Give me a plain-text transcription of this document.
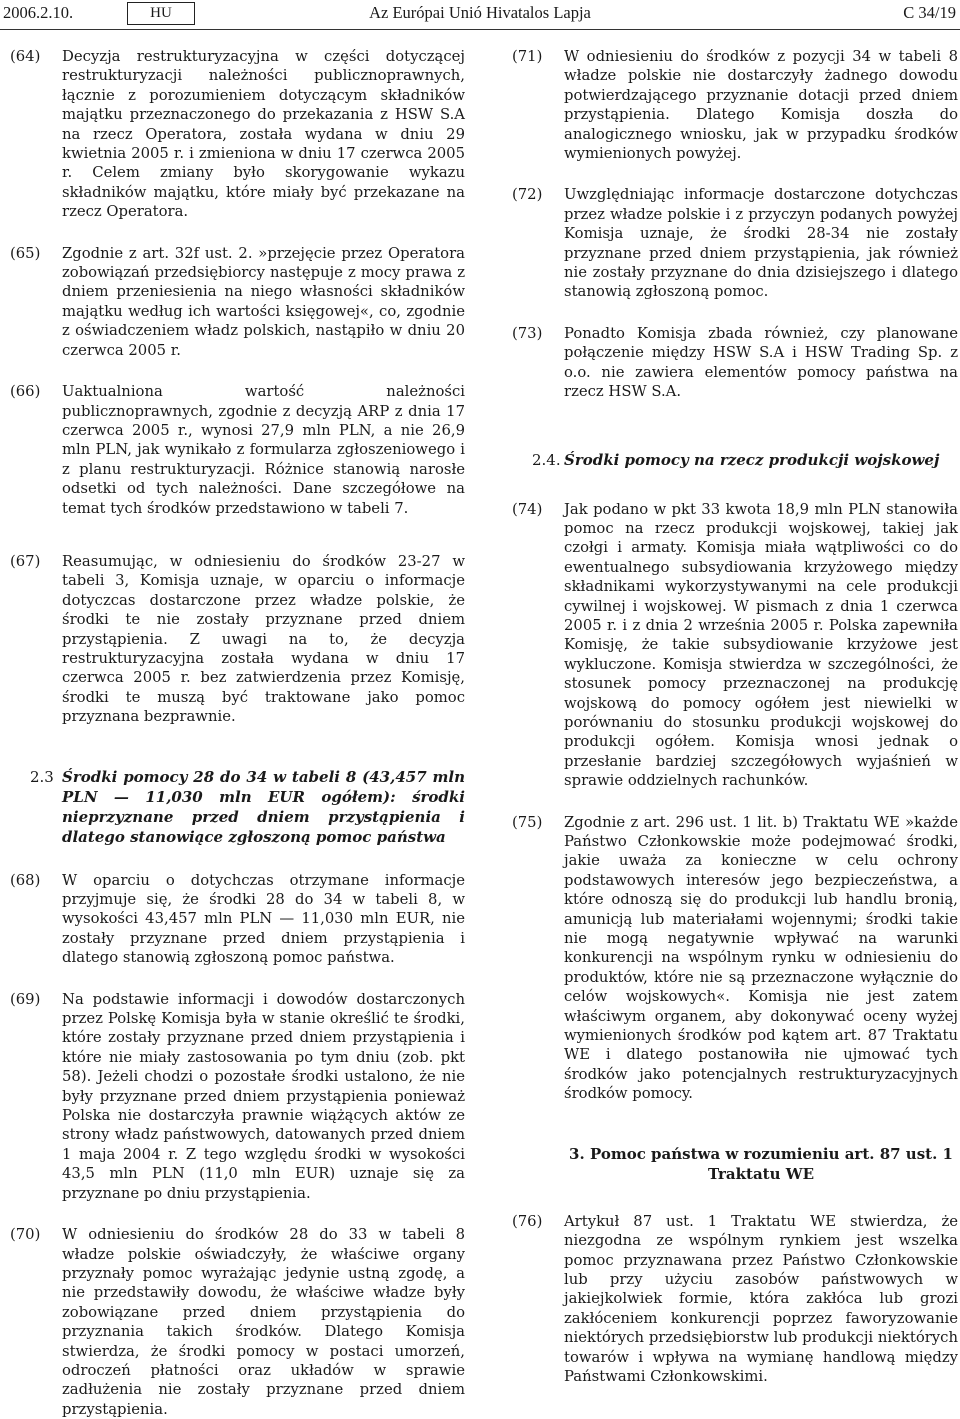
2006.2.10.	HU	Az Európai Unió Hivatalos Lapja	C 34/19
(64) Decyzja restrukturyzacyjna w części dotyczącej restrukturyzacji należności publicznoprawnych, łącznie z porozumieniem dotyczącym składników majątku przeznaczonego do przekazania z HSW S.A na rzecz Operatora, została wydana w dniu 29 kwietnia 2005 r. i zmieniona w dniu 17 czerwca 2005 r. Celem zmiany było skorygowanie wykazu składników majątku, które miały być przekazane na rzecz Operatora.

(65) Zgodnie z art. 32f ust. 2. »przejęcie przez Operatora zobowiązań przedsiębiorcy następuje z mocy prawa z dniem przeniesienia na niego własności składników majątku według ich wartości księgowej«, co, zgodnie z oświadczeniem władz polskich, nastąpiło w dniu 20 czerwca 2005 r.

(66) Uaktualniona wartość należności publicznoprawnych, zgodnie z decyzją ARP z dnia 17 czerwca 2005 r., wynosi 27,9 mln PLN, a nie 26,9 mln PLN, jak wynikało z formularza zgłoszeniowego i z planu restrukturyzacji. Różnice stanowią narosłe odsetki od tych należności. Dane szczegółowe na temat tych środków przedstawiono w tabeli 7.

(67) Reasumując, w odniesieniu do środków 23-27 w tabeli 3, Komisja uznaje, w oparciu o informacje dotyczcas dostarczone przez władze polskie, że środki te nie zostały przyznane przed dniem przystąpienia. Z uwagi na to, że decyzja restrukturyzacyjna została wydana w dniu 17 czerwca 2005 r. bez zatwierdzenia przez Komisję, środki te muszą być traktowane jako pomoc przyznana bezprawnie.

2.3 Środki pomocy 28 do 34 w tabeli 8 (43,457 mln PLN — 11,030 mln EUR ogółem): środki nieprzyznane przed dniem przystąpienia i dlatego stanowiące zgłoszoną pomoc państwa

(68) W oparciu o dotychczas otrzymane informacje przyjmuje się, że środki 28 do 34 w tabeli 8, w wysokości 43,457 mln PLN — 11,030 mln EUR, nie zostały przyznane przed dniem przystąpienia i dlatego stanowią zgłoszoną pomoc państwa.

(69) Na podstawie informacji i dowodów dostarczonych przez Polskę Komisja była w stanie określić te środki, które zostały przyznane przed dniem przystąpienia i które nie miały zastosowania po tym dniu (zob. pkt 58). Jeżeli chodzi o pozostałe środki ustalono, że nie były przyznane przed dniem przystąpienia ponieważ Polska nie dostarczyła prawnie wiążących aktów ze strony władz państwowych, datowanych przed dniem 1 maja 2004 r. Z tego względu środki w wysokości 43,5 mln PLN (11,0 mln EUR) uznaje się za przyznane po dniu przystąpienia.

(70) W odniesieniu do środków 28 do 33 w tabeli 8 władze polskie oświadczyły, że właściwe organy przyznały pomoc wyrażając jedynie ustną zgodę, a nie przedstawiły dowodu, że właściwe władze były zobowiązane przed dniem przystąpienia do przyznania takich środków. Dlatego Komisja stwierdza, że środki pomocy w postaci umorzeń, odroczeń płatności oraz układów w sprawie zadłużenia nie zostały przyznane przed dniem przystąpienia.

(71) W odniesieniu do środków z pozycji 34 w tabeli 8 władze polskie nie dostarczyły żadnego dowodu potwierdzającego przyznanie dotacji przed dniem przystąpienia. Dlatego Komisja doszła do analogicznego wniosku, jak w przypadku środków wymienionych powyżej.

(72) Uwzględniając informacje dostarczone dotychczas przez władze polskie i z przyczyn podanych powyżej Komisja uznaje, że środki 28-34 nie zostały przyznane przed dniem przystąpienia, jak również nie zostały przyznane do dnia dzisiejszego i dlatego stanowią zgłoszoną pomoc.

(73) Ponadto Komisja zbada również, czy planowane połączenie między HSW S.A i HSW Trading Sp. z o.o. nie zawiera elementów pomocy państwa na rzecz HSW S.A.

2.4. Środki pomocy na rzecz produkcji wojskowej

(74) Jak podano w pkt 33 kwota 18,9 mln PLN stanowiła pomoc na rzecz produkcji wojskowej, takiej jak czołgi i armaty. Komisja miała wątpliwości co do ewentualnego subsydiowania krzyżowego między składnikami wykorzystywanymi na cele produkcji cywilnej i wojskowej. W pismach z dnia 1 czerwca 2005 r. i z dnia 2 września 2005 r. Polska zapewniła Komisję, że takie subsydiowanie krzyżowe jest wykluczone. Komisja stwierdza w szczególności, że stosunek pomocy przeznaczonej na produkcję wojskową do pomocy ogółem jest niewielki w porównaniu do stosunku produkcji wojskowej do produkcji ogółem. Komisja wnosi jednak o przesłanie bardziej szczegółowych wyjaśnień w sprawie oddzielnych rachunków.

(75) Zgodnie z art. 296 ust. 1 lit. b) Traktatu WE »każde Państwo Członkowskie może podejmować środki, jakie uważa za konieczne w celu ochrony podstawowych interesów jego bezpieczeństwa, a które odnoszą się do produkcji lub handlu bronią, amunicją lub materiałami wojennymi; środki takie nie mogą negatywnie wpływać na warunki konkurencji na wspólnym rynku w odniesieniu do produktów, które nie są przeznaczone wyłącznie do celów wojskowych«. Komisja nie jest zatem właściwym organem, aby dokonywać oceny wyżej wymienionych środków pod kątem art. 87 Traktatu WE i dlatego postanowiła nie ujmować tych środków jako potencjalnych restrukturyzacyjnych środków pomocy.

3. Pomoc państwa w rozumieniu art. 87 ust. 1 Traktatu WE

(76) Artykuł 87 ust. 1 Traktatu WE stwierdza, że niezgodna ze wspólnym rynkiem jest wszelka pomoc przyznawana przez Państwo Członkowskie lub przy użyciu zasobów państwowych w jakiejkolwiek formie, która zakłóca lub grozi zakłóceniem konkurencji poprzez faworyzowanie niektórych przedsiębiorstw lub produkcji niektórych towarów i wpływa na wymianę handlową między Państwami Członkowskimi.
